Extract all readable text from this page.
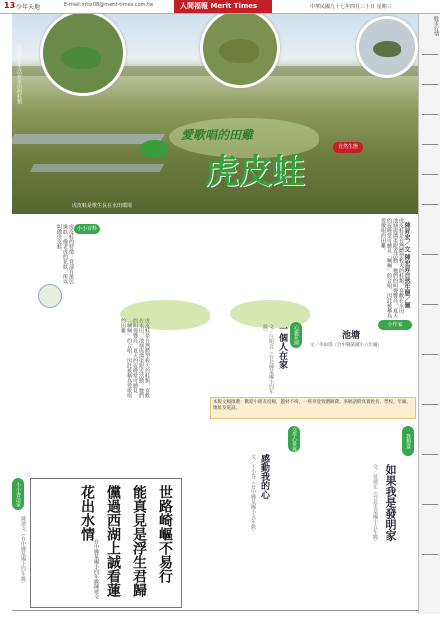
13 少年天地	E-mail:mtsr08@merit-times.com.tw	人間福報 Merit Times	中華民國九十七年四月三十日 星期三
股市行情
虎皮蛙是生活在水田的蛙類
虎皮蛙是歌生長在水田環境
愛歌唱的田雞
虎皮蛙
自然生態
虎皮蛙是台灣體型較大的蛙類，喜歡在水田、池塘與溝渠附近活動。牠們的叫聲響亮，夏天的夜晚常可聽見「嘓嘓」的合唱，因此被稱為愛歌唱的田雞。	陳昇宏／文 陳宏昇自然生態／圖
小小百科
虎皮蛙的特徵：背部有黑色斑紋，像老虎的花紋，所以叫做虎皮蛙。
心靈花園
一個人在家
文／汪明宜（台北縣某國小四年級）	小作家
池塘
文／李如琪（台中縣某國小六年級）
虎皮蛙是台灣體型較大的蛙類，喜歡在水田、池塘與溝渠附近活動。牠們的叫聲響亮，夏天的夜晚常可聽見「嘓嘓」的合唱，因此被稱為愛歌唱的田雞。
本版文稿徵選：歡迎小朋友投稿，題材不拘，一經刊登致贈稿費。來稿請附真實姓名、學校、年級、地址及電話。
文學心世界
感動我的心
文／王小芬（台中縣某國小五年級）
我想當
如果我是發明家
文／吳建宏（台北市某國小五年級）
小小書法家
陳建文（台中縣某國小四年級）	世路崎嶇不易行
能真見是浮生君歸
儻過西湖上誠看蓮
花出水情
台中縣某國小四年級陳建文
